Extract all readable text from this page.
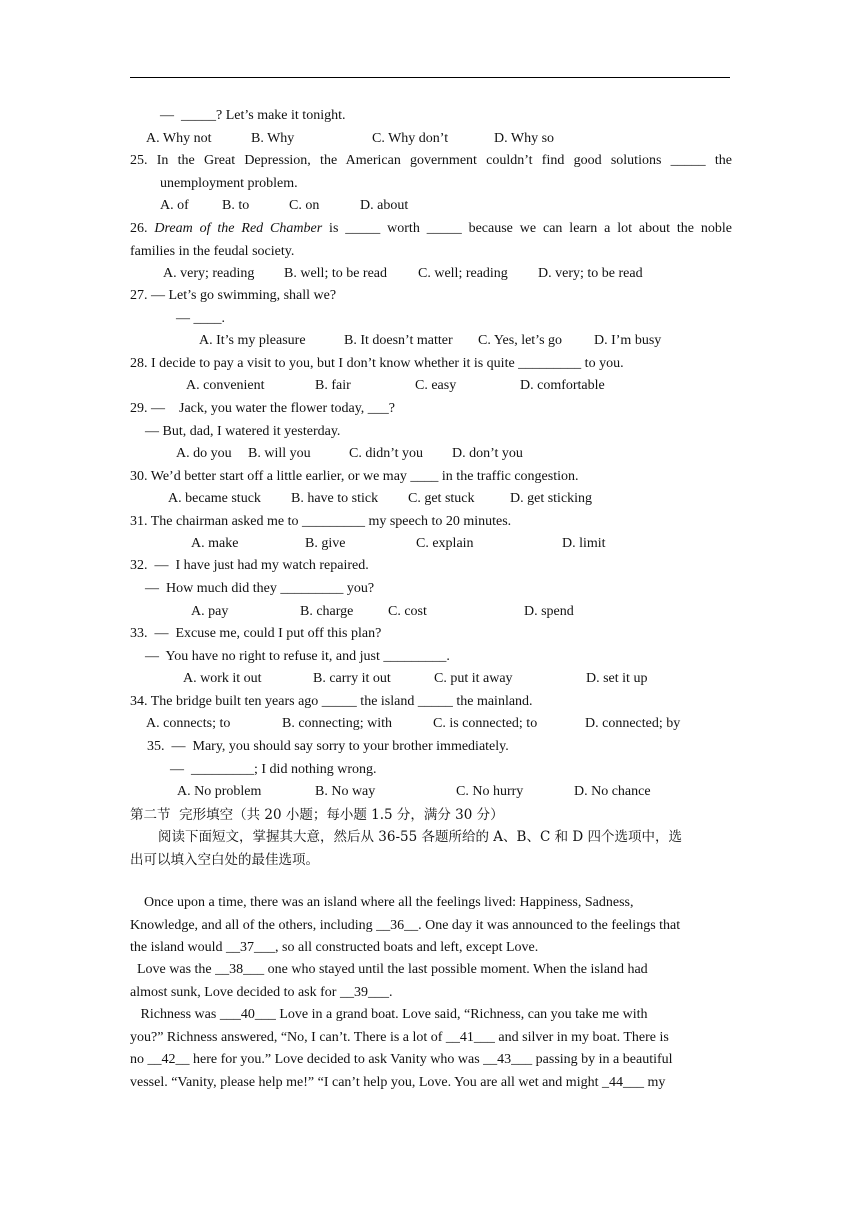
—  _____? Let’s make it tonight.
A. Why not	B. Why	C. Why don’t	D. Why so
25. In the Great Depression, the American government couldn’t find good solutions _____ the
unemployment problem.
A. of B. to	C. on	D. about
26. Dream of the Red Chamber is _____ worth _____ because we can learn a lot about the noble
families in the feudal society.
A. very; reading B. well; to be read C. well; reading D. very; to be read
27. — Let’s go swimming, shall we?
— ____.
A. It’s my pleasure	B. It doesn’t matter C. Yes, let’s go D. I’m busy
28. I decide to pay a visit to you, but I don’t know whether it is quite _________ to you.
A. convenient	B. fair	C. easy	D. comfortable
29. —    Jack, you water the flower today, ___?
— But, dad, I watered it yesterday.
A. do you B. will you	C. didn’t you D. don’t you
30. We’d better start off a little earlier, or we may ____ in the traffic congestion.
A. became stuck B. have to stick C. get stuck	D. get sticking
31. The chairman asked me to _________ my speech to 20 minutes.
A. make	B. give	C. explain	D. limit
32.  —  I have just had my watch repaired.
—  How much did they _________ you?
A. pay	B. charge C. cost	D. spend
33.  —  Excuse me, could I put off this plan?
—  You have no right to refuse it, and just _________.
A. work it out	B. carry it out	C. put it away	D. set it up
34. The bridge built ten years ago _____ the island _____ the mainland.
A. connects; to	B. connecting; with	C. is connected; to	D. connected; by
35.  —  Mary, you should say sorry to your brother immediately.
—  _________; I did nothing wrong.
A. No problem	B. No way	C. No hurry	D. No chance
第二节  完形填空（共 20 小题；每小题 1.5 分，满分 30 分）
阅读下面短文，掌握其大意，然后从 36-55 各题所给的 A、B、C 和 D 四个选项中，选
出可以填入空白处的最佳选项。
Once upon a time, there was an island where all the feelings lived: Happiness, Sadness,
Knowledge, and all of the others, including __36__. One day it was announced to the feelings that
the island would __37___, so all constructed boats and left, except Love.
Love was the __38___ one who stayed until the last possible moment. When the island had
almost sunk, Love decided to ask for __39___.
Richness was ___40___ Love in a grand boat. Love said, “Richness, can you take me with
you?” Richness answered, “No, I can’t. There is a lot of __41___ and silver in my boat. There is
no __42__ here for you.” Love decided to ask Vanity who was __43___ passing by in a beautiful
vessel. “Vanity, please help me!” “I can’t help you, Love. You are all wet and might _44___ my
